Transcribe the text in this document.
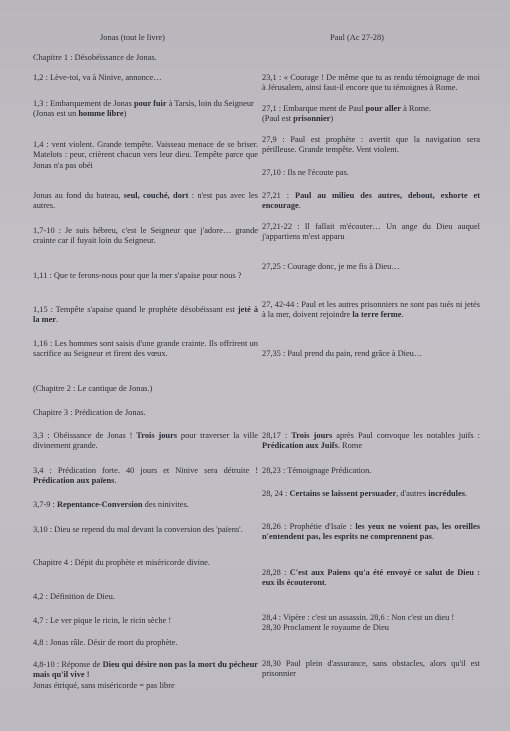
Jonas (tout le livre)	Paul (Ac 27-28)
Chapitre 1 : Désobéissance de Jonas.
1,2 : Lève-toi, va à Ninive, annonce…
1,3 : Embarquement de Jonas pour fuir à Tarsis, loin du Seigneur
(Jonas est un homme libre)
1,4 : vent violent. Grande tempête. Vaisseau menace de se briser. Matelots : peur, crièrent chacun vers leur dieu. Tempête parce que Jonas n'a pas obéi
Jonas au fond du bateau, seul, couché, dort : n'est pas avec les autres.
1,7-10 : Je suis hébreu, c'est le Seigneur que j'adore… grande crainte car il fuyait loin du Seigneur.
1,11 : Que te ferons-nous pour que la mer s'apaise pour nous ?
1,15 : Tempête s'apaise quand le prophète désobéissant est jeté à la mer.
1,16 : Les hommes sont saisis d'une grande crainte. Ils offrirent un sacrifice au Seigneur et firent des vœux.
(Chapitre 2 : Le cantique de Jonas.)
Chapitre 3 : Prédication de Jonas.
3,3 : Obéissance de Jonas ! Trois jours pour traverser la ville divinement grande.
3,4 : Prédication forte. 40 jours et Ninive sera détruite ! Prédication aux païens.
3,7-9 : Repentance-Conversion des ninivites.
3,10 : Dieu se repend du mal devant la conversion des 'païens'.
Chapitre 4 : Dépit du prophète et miséricorde divine.
4,2 : Définition de Dieu.
4,7 : Le ver pique le ricin, le ricin sèche !
4,8 : Jonas râle. Désir de mort du prophète.
4,8-10 : Réponse de Dieu qui désire non pas la mort du pécheur mais qu'il vive !
Jonas étriqué, sans miséricorde = pas libre
23,1 : « Courage ! De même que tu as rendu témoignage de moi à Jérusalem, ainsi faut-il encore que tu témoignes à Rome.
27,1 : Embarque ment de Paul pour aller à Rome.
(Paul est prisonnier)
27,9 : Paul est prophète : avertit que la navigation sera périlleuse. Grande tempête. Vent violent.
27,10 : Ils ne l'écoute pas.
27,21 : Paul au milieu des autres, debout, exhorte et encourage.
27,21-22 : Il fallait m'écouter… Un ange du Dieu auquel j'appartiens m'est apparu
27,25 : Courage donc, je me fis à Dieu…
27, 42-44 : Paul et les autres prisonniers ne sont pas tués ni jetés à la mer, doivent rejoindre la terre ferme.
27,35 : Paul prend du pain, rend grâce à Dieu…
28,17 : Trois jours après Paul convoque les notables juifs : Prédication aux Juifs. Rome
28,23 : Témoignage Prédication.
28, 24 : Certains se laissent persuader, d'autres incrédules.
28,26 : Prophétie d'Isaïe : les yeux ne voient pas, les oreilles n'entendent pas, les esprits ne comprennent pas.
28,28 : C'est aux Païens qu'a été envoyé ce salut de Dieu : eux ils écouteront.
28,4 : Vipère : c'est un assassin. 28,6 : Non c'est un dieu !
28,30 Proclament le royaume de Dieu
28,30 Paul plein d'assurance, sans obstacles, alors qu'il est prisonnier
